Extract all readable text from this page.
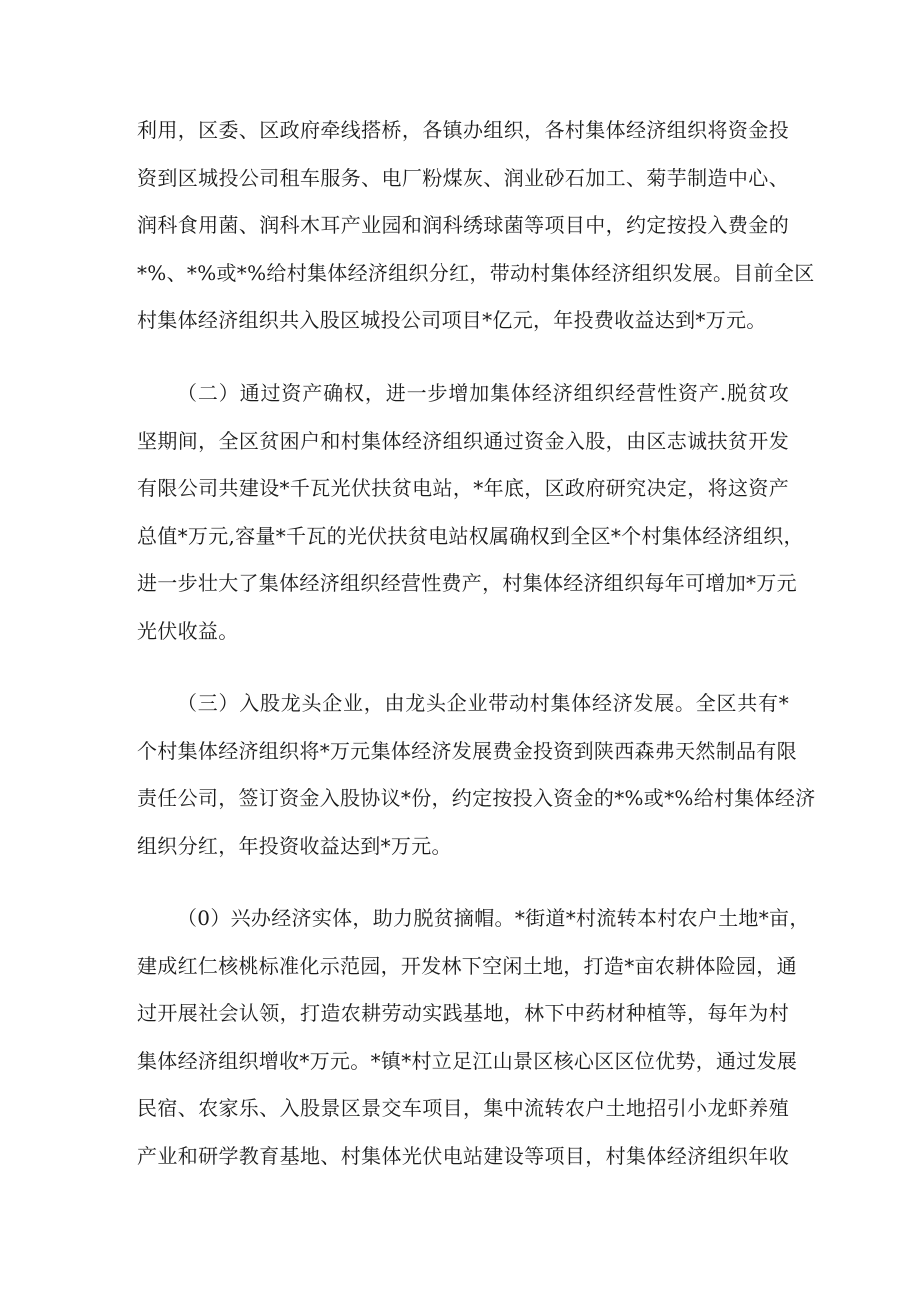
利用，区委、区政府牵线搭桥，各镇办组织，各村集体经济组织将资金投
资到区城投公司租车服务、电厂粉煤灰、润业砂石加工、菊芋制造中心、
润科食用菌、润科木耳产业园和润科绣球菌等项目中，约定按投入费金的
*%、*%或*%给村集体经济组织分红，带动村集体经济组织发展。目前全区
村集体经济组织共入股区城投公司项目*亿元，年投费收益达到*万元。
（二）通过资产确权，进一步增加集体经济组织经营性资产.脱贫攻
坚期间，全区贫困户和村集体经济组织通过资金入股，由区志诚扶贫开发
有限公司共建设*千瓦光伏扶贫电站，*年底，区政府研究决定，将这资产
总值*万元,容量*千瓦的光伏扶贫电站权属确权到全区*个村集体经济组织，
进一步壮大了集体经济组织经营性费产，村集体经济组织每年可增加*万元
光伏收益。
（三）入股龙头企业，由龙头企业带动村集体经济发展。全区共有*
个村集体经济组织将*万元集体经济发展费金投资到陕西森弗天然制品有限
责任公司，签订资金入股协议*份，约定按投入资金的*%或*%给村集体经济
组织分红，年投资收益达到*万元。
（0）兴办经济实体，助力脱贫摘帽。*街道*村流转本村农户土地*亩，
建成红仁核桃标准化示范园，开发林下空闲土地，打造*亩农耕体险园，通
过开展社会认领，打造农耕劳动实践基地，林下中药材种植等，每年为村
集体经济组织增收*万元。*镇*村立足江山景区核心区区位优势，通过发展
民宿、农家乐、入股景区景交车项目，集中流转农户土地招引小龙虾养殖
产业和研学教育基地、村集体光伏电站建设等项目，村集体经济组织年收
